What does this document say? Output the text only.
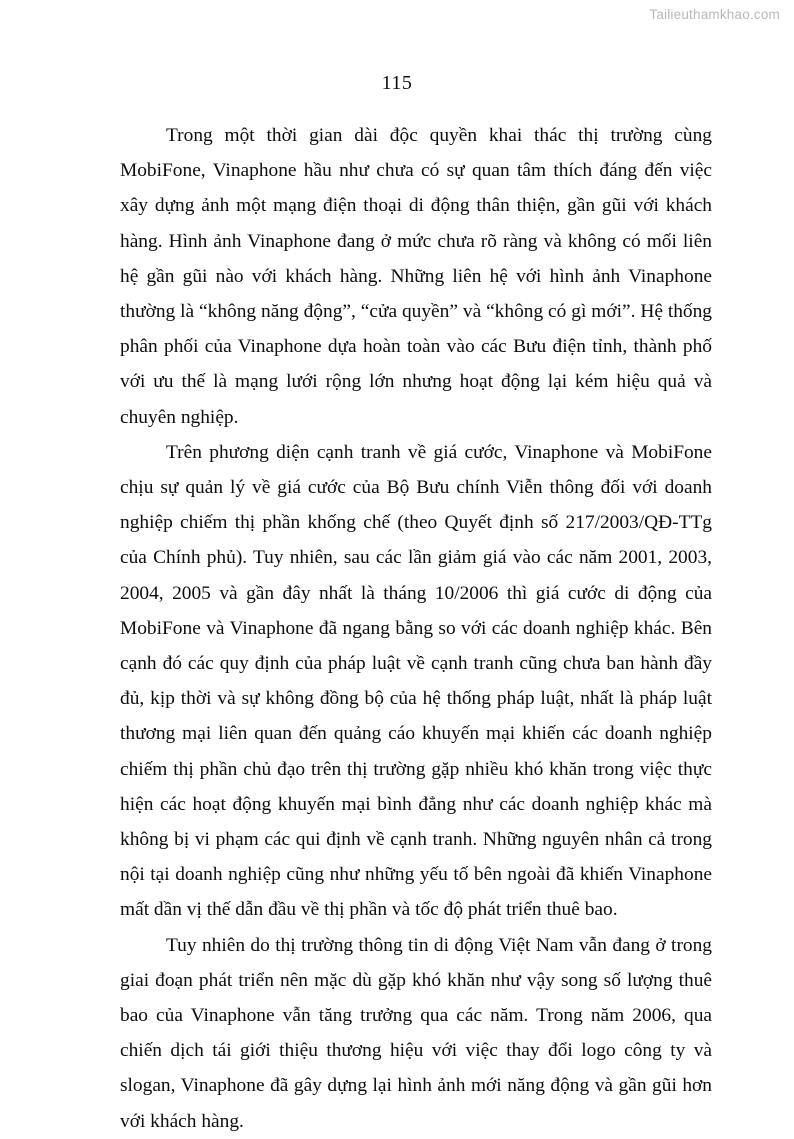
Tailieuthamkhao.com
115

Trong một thời gian dài độc quyền khai thác thị trường cùng MobiFone, Vinaphone hầu như chưa có sự quan tâm thích đáng đến việc xây dựng ảnh một mạng điện thoại di động thân thiện, gần gũi với khách hàng. Hình ảnh Vinaphone đang ở mức chưa rõ ràng và không có mối liên hệ gần gũi nào với khách hàng. Những liên hệ với hình ảnh Vinaphone thường là “không năng động”, “cửa quyền” và “không có gì mới”. Hệ thống phân phối của Vinaphone dựa hoàn toàn vào các Bưu điện tỉnh, thành phố với ưu thế là mạng lưới rộng lớn nhưng hoạt động lại kém hiệu quả và chuyên nghiệp.

Trên phương diện cạnh tranh về giá cước, Vinaphone và MobiFone chịu sự quản lý về giá cước của Bộ Bưu chính Viễn thông đối với doanh nghiệp chiếm thị phần khống chế (theo Quyết định số 217/2003/QĐ-TTg của Chính phủ). Tuy nhiên, sau các lần giảm giá vào các năm 2001, 2003, 2004, 2005 và gần đây nhất là tháng 10/2006 thì giá cước di động của MobiFone và Vinaphone đã ngang bằng so với các doanh nghiệp khác. Bên cạnh đó các quy định của pháp luật về cạnh tranh cũng chưa ban hành đầy đủ, kịp thời và sự không đồng bộ của hệ thống pháp luật, nhất là pháp luật thương mại liên quan đến quảng cáo khuyến mại khiến các doanh nghiệp chiếm thị phần chủ đạo trên thị trường gặp nhiều khó khăn trong việc thực hiện các hoạt động khuyến mại bình đẳng như các doanh nghiệp khác mà không bị vi phạm các qui định về cạnh tranh. Những nguyên nhân cả trong nội tại doanh nghiệp cũng như những yếu tố bên ngoài đã khiến Vinaphone mất dần vị thế dẫn đầu về thị phần và tốc độ phát triển thuê bao.

Tuy nhiên do thị trường thông tin di động Việt Nam vẫn đang ở trong giai đoạn phát triển nên mặc dù gặp khó khăn như vậy song số lượng thuê bao của Vinaphone vẫn tăng trưởng qua các năm. Trong năm 2006, qua chiến dịch tái giới thiệu thương hiệu với việc thay đổi logo công ty và slogan, Vinaphone đã gây dựng lại hình ảnh mới năng động và gần gũi hơn với khách hàng.
